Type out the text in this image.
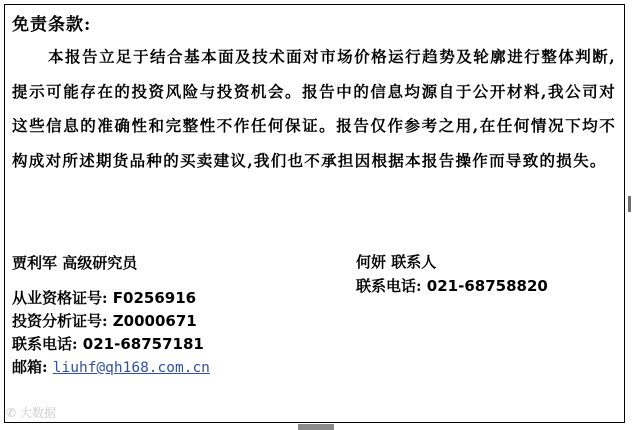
免责条款:

本报告立足于结合基本面及技术面对市场价格运行趋势及轮廓进行整体判断,提示可能存在的投资风险与投资机会。报告中的信息均源自于公开材料,我公司对这些信息的准确性和完整性不作任何保证。报告仅作参考之用,在任何情况下均不构成对所述期货品种的买卖建议,我们也不承担因根据本报告操作而导致的损失。

贾利军 高级研究员
从业资格证号: F0256916
投资分析证号: Z0000671
联系电话: 021-68757181
邮箱: liuhf@qh168.com.cn
何妍 联系人
联系电话: 021-68758820
✆ 大数据
